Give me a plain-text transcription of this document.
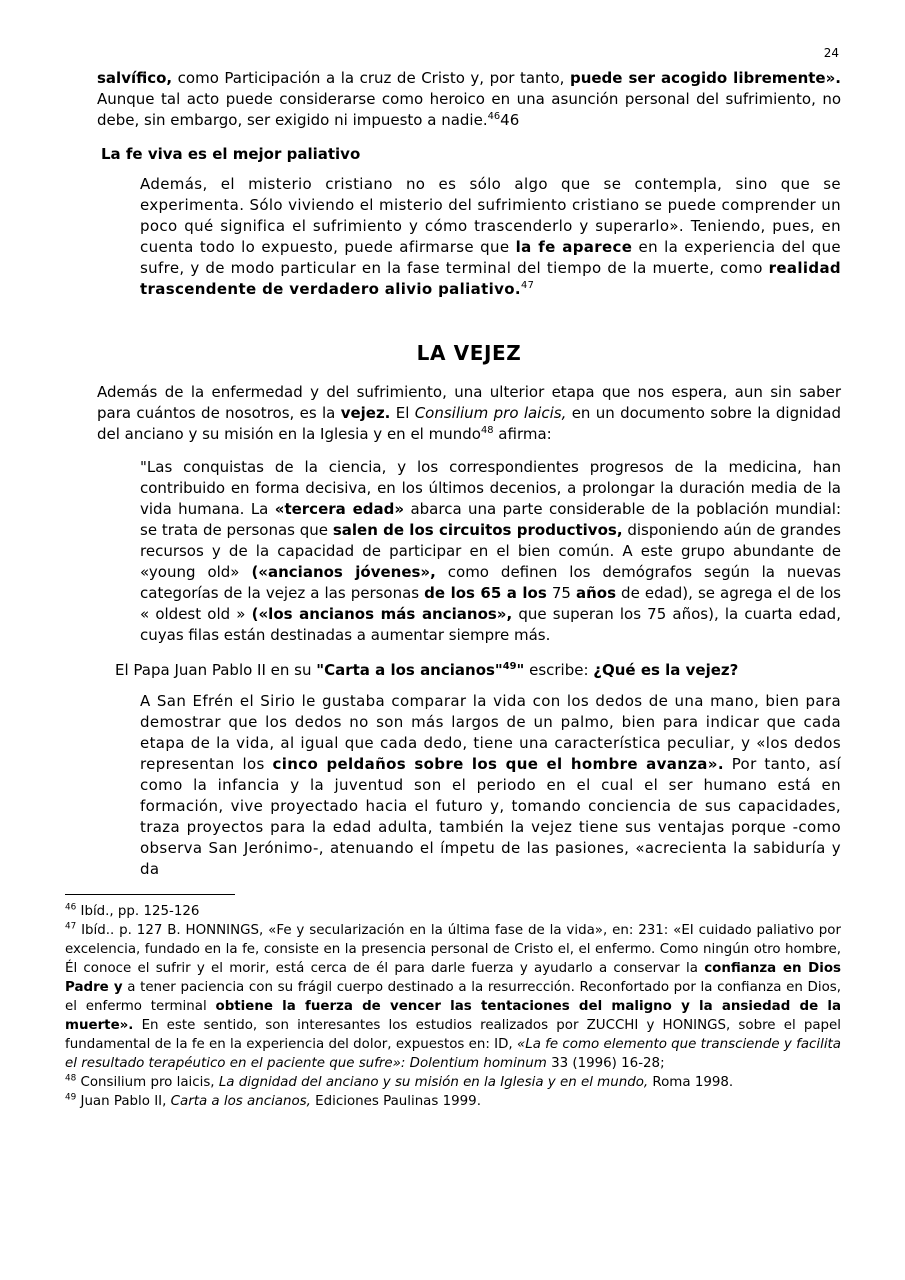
24
salvífico, como Participación a la cruz de Cristo y, por tanto, puede ser acogido libremente». Aunque tal acto puede considerarse como heroico en una asunción personal del sufrimiento, no debe, sin embargo, ser exigido ni impuesto a nadie.$^{46}$46
La fe viva es el mejor paliativo
Además, el misterio cristiano no es sólo algo que se contempla, sino que se experimenta. Sólo viviendo el misterio del sufrimiento cristiano se puede comprender un poco qué significa el sufrimiento y cómo trascenderlo y superarlo». Teniendo, pues, en cuenta todo lo expuesto, puede afirmarse que la fe aparece en la experiencia del que sufre, y de modo particular en la fase terminal del tiempo de la muerte, como realidad trascendente de verdadero alivio paliativo.$^{47}$
LA VEJEZ
Además de la enfermedad y del sufrimiento, una ulterior etapa que nos espera, aun sin saber para cuántos de nosotros, es la vejez. El Consilium pro laicis, en un documento sobre la dignidad del anciano y su misión en la Iglesia y en el mundo$^{48}$ afirma:
"Las conquistas de la ciencia, y los correspondientes progresos de la medicina, han contribuido en forma decisiva, en los últimos decenios, a prolongar la duración media de la vida humana. La «tercera edad» abarca una parte considerable de la población mundial: se trata de personas que salen de los circuitos productivos, disponiendo aún de grandes recursos y de la capacidad de participar en el bien común. A este grupo abundante de «young old» («ancianos jóvenes», como definen los demógrafos según la nuevas categorías de la vejez a las personas de los 65 a los 75 años de edad), se agrega el de los « oldest old » («los ancianos más ancianos», que superan los 75 años), la cuarta edad, cuyas filas están destinadas a aumentar siempre más.
El Papa Juan Pablo II en su "Carta a los ancianos"$^{49}$" escribe: ¿Qué es la vejez?
A San Efrén el Sirio le gustaba comparar la vida con los dedos de una mano, bien para demostrar que los dedos no son más largos de un palmo, bien para indicar que cada etapa de la vida, al igual que cada dedo, tiene una característica peculiar, y «los dedos representan los cinco peldaños sobre los que el hombre avanza». Por tanto, así como la infancia y la juventud son el periodo en el cual el ser humano está en formación, vive proyectado hacia el futuro y, tomando conciencia de sus capacidades, traza proyectos para la edad adulta, también la vejez tiene sus ventajas porque -como observa San Jerónimo-, atenuando el ímpetu de las pasiones, «acrecienta la sabiduría y da
$^{46}$ Ibíd., pp. 125-126
$^{47}$ Ibíd.. p. 127 B. HONNINGS, «Fe y secularización en la última fase de la vida», en: 231: «EI cuidado paliativo por excelencia, fundado en la fe, consiste en la presencia personal de Cristo el, el enfermo. Como ningún otro hombre, Él conoce el sufrir y el morir, está cerca de él para darle fuerza y ayudarlo a conservar la confianza en Dios Padre y a tener paciencia con su frágil cuerpo destinado a la resurrección. Reconfortado por la confianza en Dios, el enfermo terminal obtiene la fuerza de vencer las tentaciones del maligno y la ansiedad de la muerte». En este sentido, son interesantes los estudios realizados por ZUCCHI y HONINGS, sobre el papel fundamental de la fe en la experiencia del dolor, expuestos en: ID, «La fe como elemento que transciende y facilita el resultado terapéutico en el paciente que sufre»: Dolentium hominum 33 (1996) 16-28;
$^{48}$ Consilium pro laicis, La dignidad del anciano y su misión en la Iglesia y en el mundo, Roma 1998.
$^{49}$ Juan Pablo II, Carta a los ancianos, Ediciones Paulinas 1999.
